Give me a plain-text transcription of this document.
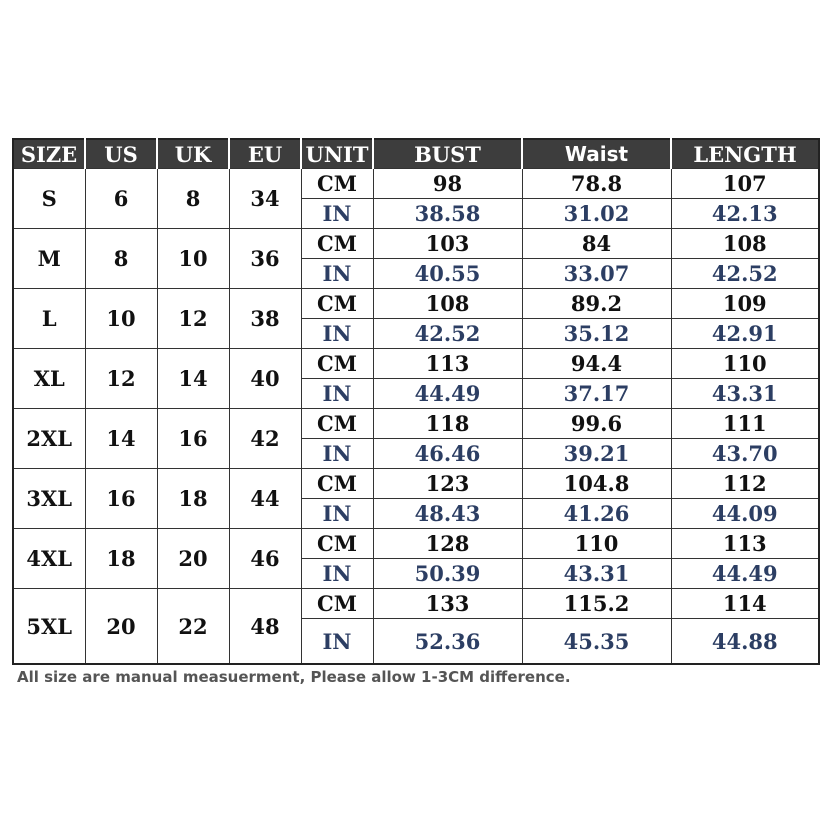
SIZE	US	UK	EU	UNIT	BUST	Waist	LENGTH
S	6	8	34	CM	98	78.8	107
				IN	38.58	31.02	42.13
M	8	10	36	CM	103	84	108
				IN	40.55	33.07	42.52
L	10	12	38	CM	108	89.2	109
				IN	42.52	35.12	42.91
XL	12	14	40	CM	113	94.4	110
				IN	44.49	37.17	43.31
2XL	14	16	42	CM	118	99.6	111
				IN	46.46	39.21	43.70
3XL	16	18	44	CM	123	104.8	112
				IN	48.43	41.26	44.09
4XL	18	20	46	CM	128	110	113
				IN	50.39	43.31	44.49
5XL	20	22	48	CM	133	115.2	114
				IN	52.36	45.35	44.88
All size are manual measuerment, Please allow 1-3CM difference.
